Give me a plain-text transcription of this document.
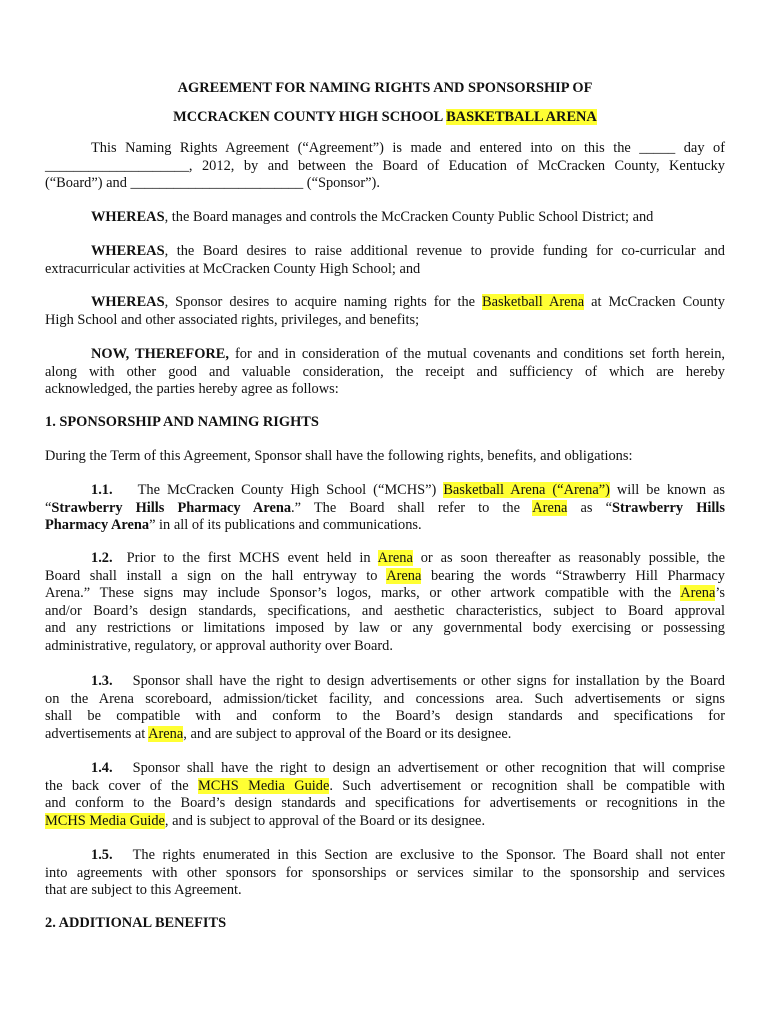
AGREEMENT FOR NAMING RIGHTS AND SPONSORSHIP OF
MCCRACKEN COUNTY HIGH SCHOOL BASKETBALL ARENA
This Naming Rights Agreement (“Agreement”) is made and entered into on this the _____ day of
____________________, 2012, by and between the Board of Education of McCracken County, Kentucky
(“Board”) and ________________________ (“Sponsor”).
WHEREAS, the Board manages and controls the McCracken County Public School District; and
WHEREAS, the Board desires to raise additional revenue to provide funding for co-curricular and
extracurricular activities at McCracken County High School; and
WHEREAS, Sponsor desires to acquire naming rights for the Basketball Arena at McCracken County
High School and other associated rights, privileges, and benefits;
NOW, THEREFORE, for and in consideration of the mutual covenants and conditions set forth herein,
along with other good and valuable consideration, the receipt and sufficiency of which are hereby
acknowledged, the parties hereby agree as follows:
1. SPONSORSHIP AND NAMING RIGHTS
During the Term of this Agreement, Sponsor shall have the following rights, benefits, and obligations:
1.1. The McCracken County High School (“MCHS”) Basketball Arena (“Arena”) will be known as
“Strawberry Hills Pharmacy Arena.” The Board shall refer to the Arena as “Strawberry Hills
Pharmacy Arena” in all of its publications and communications.
1.2. Prior to the first MCHS event held in Arena or as soon thereafter as reasonably possible, the
Board shall install a sign on the hall entryway to Arena bearing the words “Strawberry Hill Pharmacy
Arena.” These signs may include Sponsor’s logos, marks, or other artwork compatible with the Arena’s
and/or Board’s design standards, specifications, and aesthetic characteristics, subject to Board approval
and any restrictions or limitations imposed by law or any governmental body exercising or possessing
administrative, regulatory, or approval authority over Board.
1.3. Sponsor shall have the right to design advertisements or other signs for installation by the Board
on the Arena scoreboard, admission/ticket facility, and concessions area. Such advertisements or signs
shall be compatible with and conform to the Board’s design standards and specifications for
advertisements at Arena, and are subject to approval of the Board or its designee.
1.4. Sponsor shall have the right to design an advertisement or other recognition that will comprise
the back cover of the MCHS Media Guide. Such advertisement or recognition shall be compatible with
and conform to the Board’s design standards and specifications for advertisements or recognitions in the
MCHS Media Guide, and is subject to approval of the Board or its designee.
1.5. The rights enumerated in this Section are exclusive to the Sponsor. The Board shall not enter
into agreements with other sponsors for sponsorships or services similar to the sponsorship and services
that are subject to this Agreement.
2. ADDITIONAL BENEFITS
